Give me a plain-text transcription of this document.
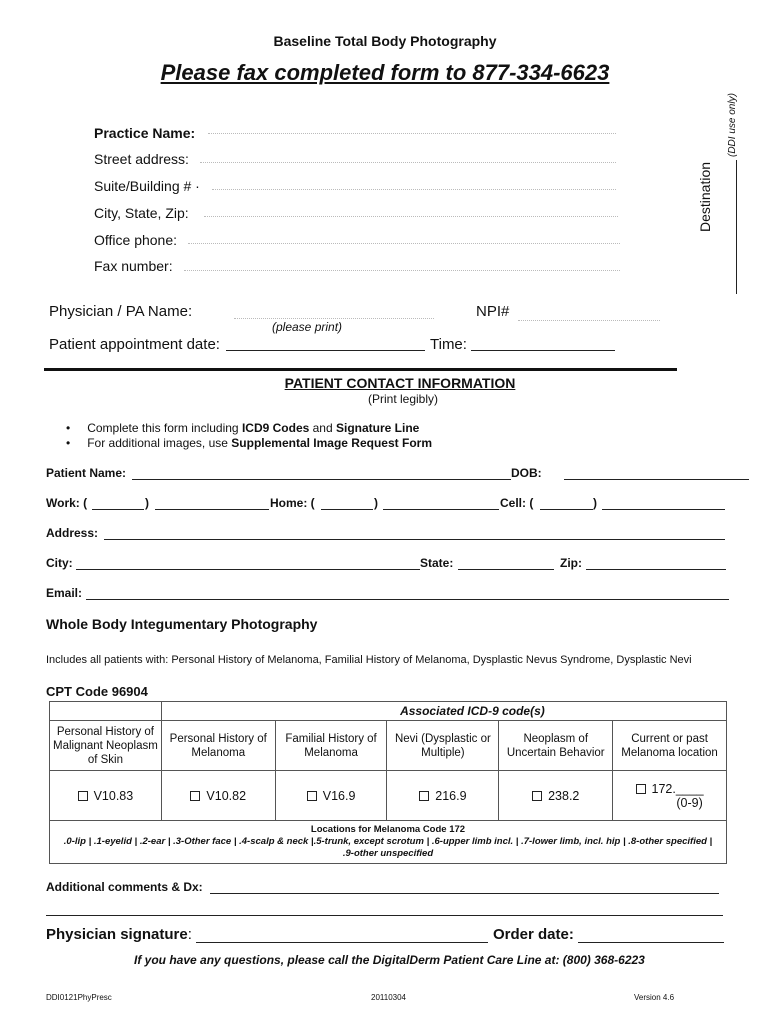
Baseline Total Body Photography
Please fax completed form to 877-334-6623
(DDI use only)
Destination
Practice Name:
Street address:
Suite/Building # ·
City, State, Zip:
Office phone:
Fax number:
Physician / PA Name:	NPI#
(please print)
Patient appointment date:	Time:
PATIENT CONTACT INFORMATION
(Print legibly)
• Complete this form including ICD9 Codes and Signature Line
• For additional images, use Supplemental Image Request Form
Patient Name:	DOB:
Work: (	)	Home: (	)	Cell: (	)
Address:
City:	State:	Zip:
Email:
Whole Body Integumentary Photography
Includes all patients with: Personal History of Melanoma, Familial History of Melanoma, Dysplastic Nevus Syndrome, Dysplastic Nevi
CPT Code 96904
	Associated ICD-9 code(s)				
Personal History of Malignant Neoplasm of Skin	Personal History of Melanoma	Familial History of Melanoma	Nevi (Dysplastic or Multiple)	Neoplasm of Uncertain Behavior	Current or past Melanoma location
V10.83	V10.82	V16.9	216.9	238.2	172.____
(0-9)

Locations for Melanoma Code 172
.0-lip | .1-eyelid | .2-ear | .3-Other face | .4-scalp & neck |.5-trunk, except scrotum | .6-upper limb incl. | .7-lower limb, incl. hip | .8-other specified | .9-other unspecified					
Additional comments & Dx:
Physician signature:	Order date:
If you have any questions, please call the DigitalDerm Patient Care Line at: (800) 368-6223
DDI0121PhyPresc	20110304	Version 4.6
